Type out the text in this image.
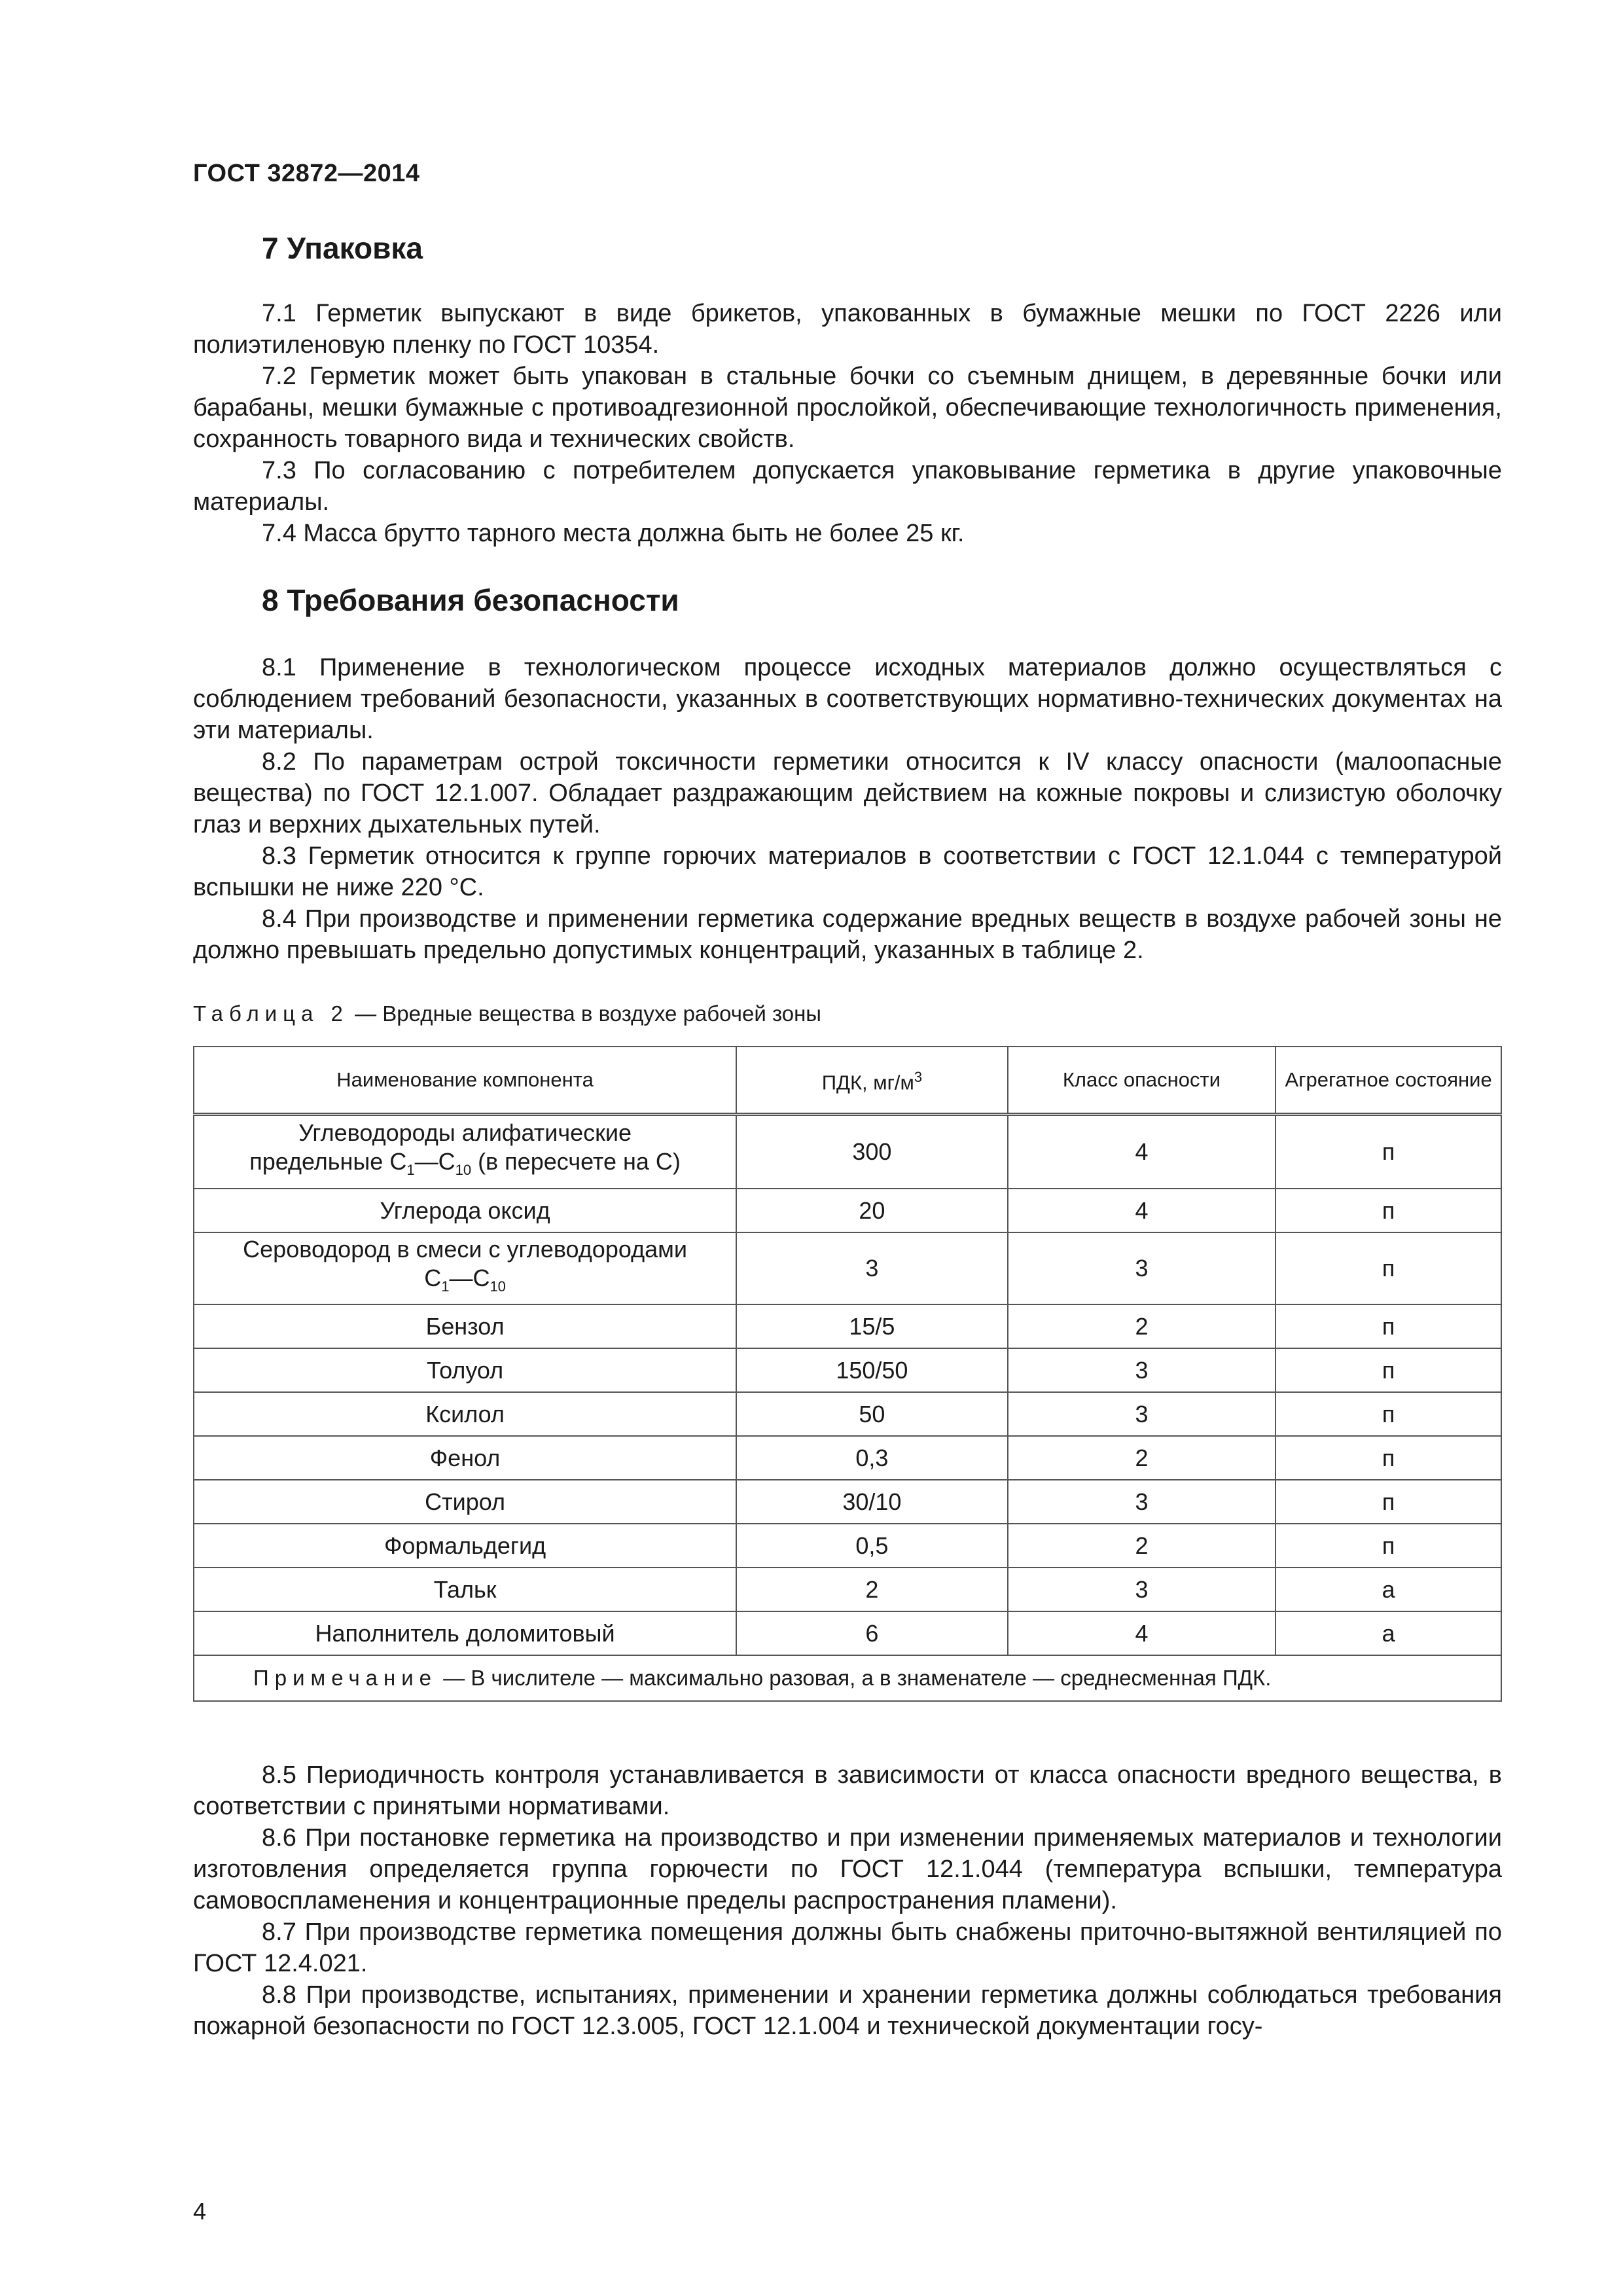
ГОСТ 32872—2014
7 Упаковка

7.1 Герметик выпускают в виде брикетов, упакованных в бумажные мешки по ГОСТ 2226 или полиэтиленовую пленку по ГОСТ 10354.

7.2 Герметик может быть упакован в стальные бочки со съемным днищем, в деревянные бочки или барабаны, мешки бумажные с противоадгезионной прослойкой, обеспечивающие технологичность применения, сохранность товарного вида и технических свойств.

7.3 По согласованию с потребителем допускается упаковывание герметика в другие упаковочные материалы.

7.4 Масса брутто тарного места должна быть не более 25 кг.

8 Требования безопасности

8.1 Применение в технологическом процессе исходных материалов должно осуществляться с соблюдением требований безопасности, указанных в соответствующих нормативно-технических документах на эти материалы.

8.2 По параметрам острой токсичности герметики относится к IV классу опасности (малоопасные вещества) по ГОСТ 12.1.007. Обладает раздражающим действием на кожные покровы и слизистую оболочку глаз и верхних дыхательных путей.

8.3 Герметик относится к группе горючих материалов в соответствии с ГОСТ 12.1.044 с температурой вспышки не ниже 220 °С.

8.4 При производстве и применении герметика содержание вредных веществ в воздухе рабочей зоны не должно превышать предельно допустимых концентраций, указанных в таблице 2.

Таблица 2 — Вредные вещества в воздухе рабочей зоны
Наименование компонента	ПДК, $мг/м^3$	Класс опасности	Агрегатное состояние
Углеводороды алифатические
предельные $С_1—С_{10}$ (в пересчете на С)	300	4	п
Углерода оксид	20	4	п
Сероводород в смеси с углеводородами
$С_1—С_{10}$	3	3	п
Бензол	15/5	2	п
Толуол	150/50	3	п
Ксилол	50	3	п
Фенол	0,3	2	п
Стирол	30/10	3	п
Формальдегид	0,5	2	п
Тальк	2	3	а
Наполнитель доломитовый	6	4	а
Примечание — В числителе — максимально разовая, а в знаменателе — среднесменная ПДК.			

8.5 Периодичность контроля устанавливается в зависимости от класса опасности вредного вещества, в соответствии с принятыми нормативами.

8.6 При постановке герметика на производство и при изменении применяемых материалов и технологии изготовления определяется группа горючести по ГОСТ 12.1.044 (температура вспышки, температура самовоспламенения и концентрационные пределы распространения пламени).

8.7 При производстве герметика помещения должны быть снабжены приточно-вытяжной вентиляцией по ГОСТ 12.4.021.

8.8 При производстве, испытаниях, применении и хранении герметика должны соблюдаться требования пожарной безопасности по ГОСТ 12.3.005, ГОСТ 12.1.004 и технической документации госу-

4
